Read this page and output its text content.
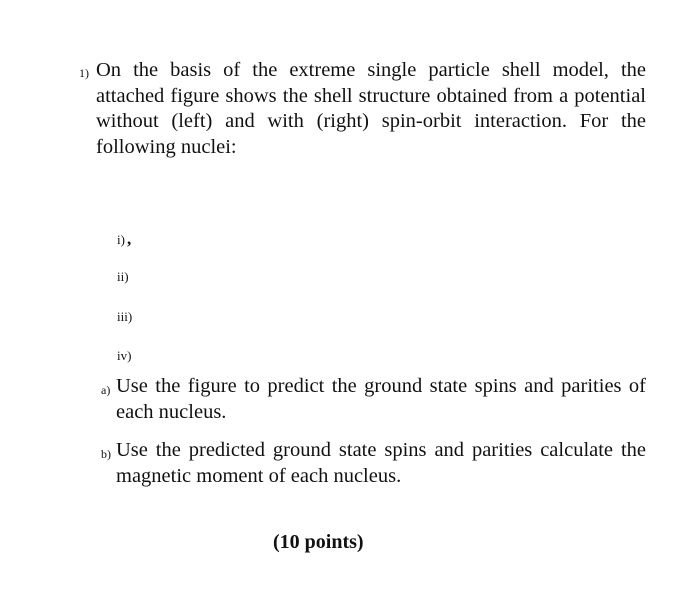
1) On the basis of the extreme single particle shell model, the attached figure shows the shell structure obtained from a potential without (left) and with (right) spin-orbit interaction. For the following nuclei:
i) ,
ii)
iii)
iv)
a) Use the figure to predict the ground state spins and parities of each nucleus.
b) Use the predicted ground state spins and parities calculate the magnetic moment of each nucleus.
(10 points)
